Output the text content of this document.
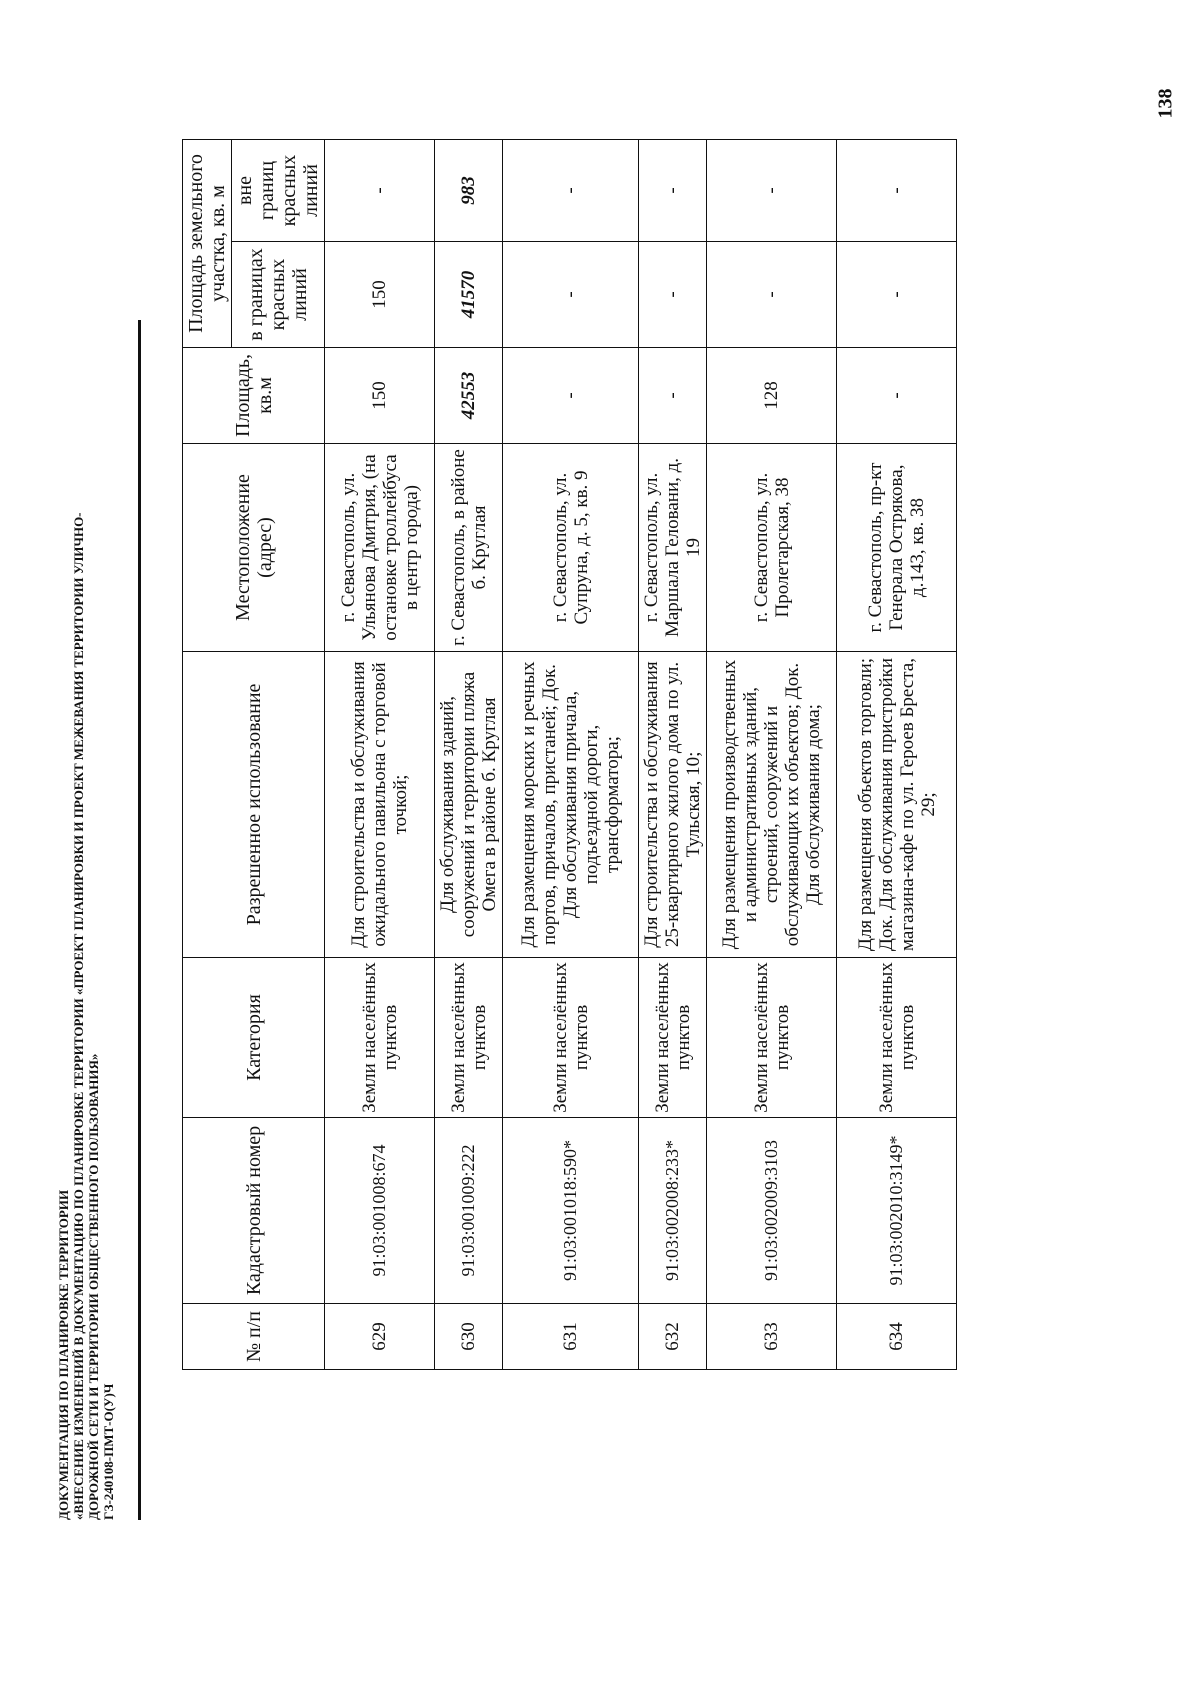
138
ДОКУМЕНТАЦИЯ ПО ПЛАНИРОВКЕ ТЕРРИТОРИИ «ВНЕСЕНИЕ ИЗМЕНЕНИЙ В ДОКУМЕНТАЦИЮ ПО ПЛАНИРОВКЕ ТЕРРИТОРИИ «ПРОЕКТ ПЛАНИРОВКИ И ПРОЕКТ МЕЖЕВАНИЯ ТЕРРИТОРИИ УЛИЧНО- ДОРОЖНОЙ СЕТИ И ТЕРРИТОРИИ ОБЩЕСТВЕННОГО ПОЛЬЗОВАНИЯ» ГЗ-240108-ПМТ-О(У)Ч
№ п/п	Кадастровый номер	Категория	Разрешенное использование	Местоположение (адрес)	Площадь, кв.м	Площадь земельного участка, кв. м	
						в границах красных линий	вне границ красных линий
629	91:03:001008:674	Земли населённых пунктов	Для строительства и обслуживания ожидального павильона с торговой точкой;	г. Севастополь, ул. Ульянова Дмитрия, (на остановке троллейбуса в центр города)	150	150	-
630	91:03:001009:222	Земли населённых пунктов	Для обслуживания зданий, сооружений и территории пляжа Омега в районе б. Круглая	г. Севастополь, в районе б. Круглая	42553	41570	983
631	91:03:001018:590*	Земли населённых пунктов	Для размещения морских и речных портов, причалов, пристаней; Док. Для обслуживания причала, подъездной дороги, трансформатора;	г. Севастополь, ул. Супруна, д. 5, кв. 9	-	-	-
632	91:03:002008:233*	Земли населённых пунктов	Для строительства и обслуживания 25-квартирного жилого дома по ул. Тульская, 10;	г. Севастополь, ул. Маршала Геловани, д. 19	-	-	-
633	91:03:002009:3103	Земли населённых пунктов	Для размещения производственных и административных зданий, строений, сооружений и обслуживающих их объектов; Док. Для обслуживания дома;	г. Севастополь, ул. Пролетарская, 38	128	-	-
634	91:03:002010:3149*	Земли населённых пунктов	Для размещения объектов торговли; Док. Для обслуживания пристройки магазина-кафе по ул. Героев Бреста, 29;	г. Севастополь, пр-кт Генерала Острякова, д.143, кв. 38	-	-	-
